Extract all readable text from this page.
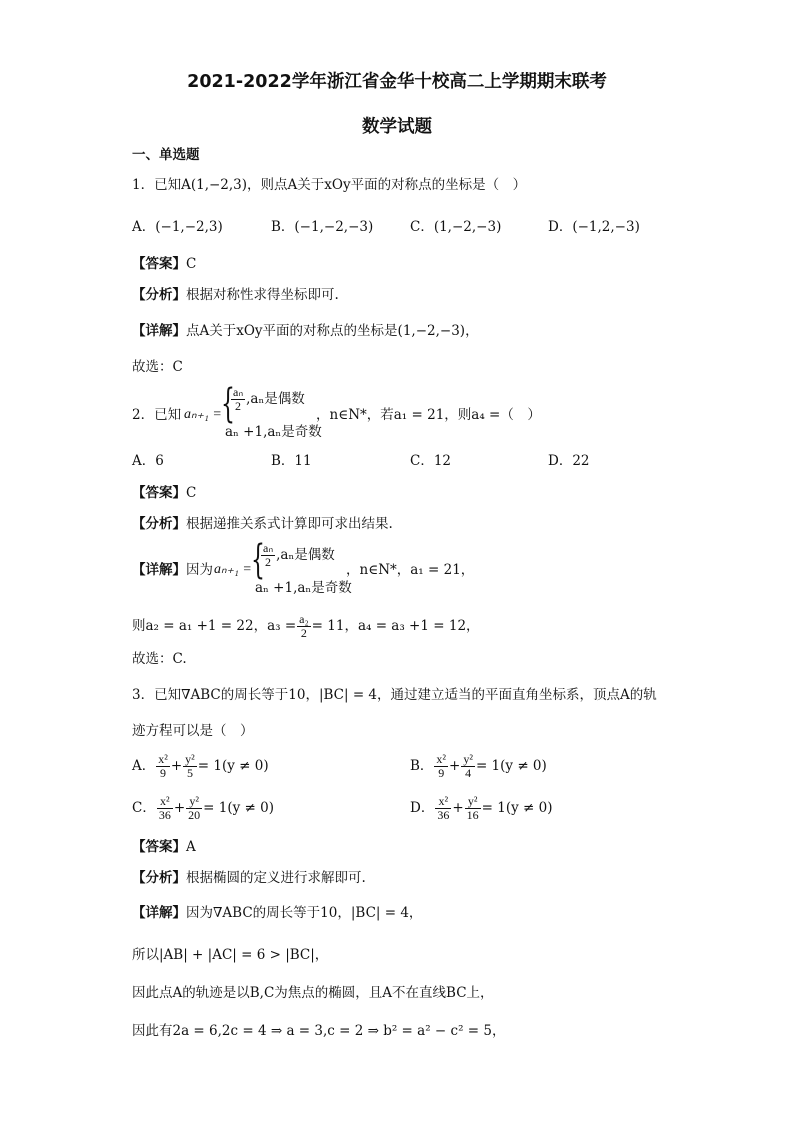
2021-2022学年浙江省金华十校高二上学期期末联考
数学试题
一、单选题
1．已知A(1,−2,3)，则点A关于xOy平面的对称点的坐标是（　）
A．(−1,−2,3)	B．(−1,−2,−3)	C．(1,−2,−3)	D．(−1,2,−3)
【答案】C
【分析】根据对称性求得坐标即可.
【详解】点A关于xOy平面的对称点的坐标是(1,−2,−3)，
故选：C
2．已知 aₙ₊₁ = {
$\frac{\text{aₙ}}{2} ,a_n$是偶数
aₙ +1,aₙ是奇数
，n∈N*，若a₁ = 21，则a₄ =（　）
A．6	B．11	C．12	D．22
【答案】C
【分析】根据递推关系式计算即可求出结果.
【详解】因为 aₙ₊₁ = {
$\frac{\text{aₙ}}{2} ,a_n$是偶数
aₙ +1,aₙ是奇数
，n∈N*，a₁ = 21，
则a₂ = a₁ +1 = 22，$a_3 = \frac{\text{a₂}}{2} = 11$，a₄ = a₃ +1 = 12，
故选：C.
3．已知∇ABC的周长等于10，|BC| = 4，通过建立适当的平面直角坐标系，顶点A的轨
迹方程可以是（　）
A． $\frac{\text{x²}}{9} + \frac{\text{y²}}{5} = 1(y \ne 0)$	B． $\frac{\text{x²}}{9} + \frac{\text{y²}}{4} = 1(y \ne 0)$
C． $\frac{\text{x²}}{36} + \frac{\text{y²}}{20} = 1(y \ne 0)$	D． $\frac{\text{x²}}{36} + \frac{\text{y²}}{16} = 1(y \ne 0)$
【答案】A
【分析】根据椭圆的定义进行求解即可.
【详解】因为∇ABC的周长等于10，|BC| = 4，
所以|AB| + |AC| = 6 > |BC|，
因此点A的轨迹是以B,C为焦点的椭圆，且A不在直线BC上，
因此有2a = 6,2c = 4 ⇒ a = 3,c = 2 ⇒ b² = a² − c² = 5，
